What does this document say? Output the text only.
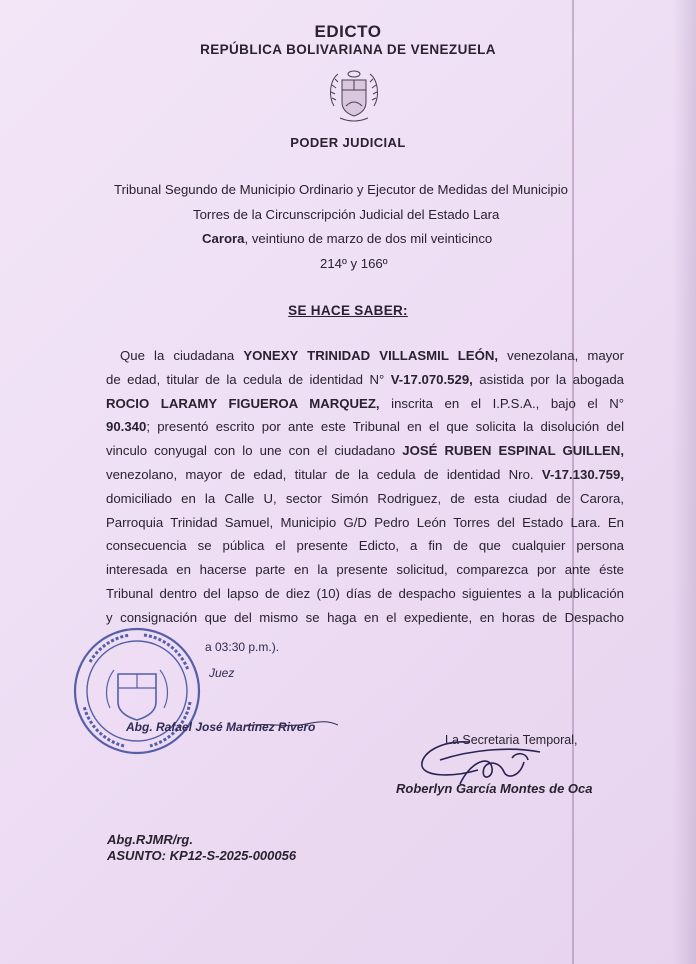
EDICTO
REPÚBLICA BOLIVARIANA DE VENEZUELA
PODER JUDICIAL
Tribunal Segundo de Municipio Ordinario y Ejecutor de Medidas del Municipio
Torres de la Circunscripción Judicial del Estado Lara
Carora, veintiuno de marzo de dos mil veinticinco
214º y 166º
SE HACE SABER:
Que la ciudadana YONEXY TRINIDAD VILLASMIL LEÓN, venezolana, mayor
de edad, titular de la cedula de identidad N° V-17.070.529, asistida por la abogada
ROCIO LARAMY FIGUEROA MARQUEZ, inscrita en el I.P.S.A., bajo el N°
90.340; presentó escrito por ante este Tribunal en el que solicita la disolución del
vinculo conyugal con lo une con el ciudadano JOSÉ RUBEN ESPINAL GUILLEN,
venezolano, mayor de edad, titular de la cedula de identidad Nro. V-17.130.759,
domiciliado en la Calle U, sector Simón Rodriguez, de esta ciudad de Carora,
Parroquia Trinidad Samuel, Municipio G/D Pedro León Torres del Estado Lara. En
consecuencia se pública el presente Edicto, a fin de que cualquier persona
interesada en hacerse parte en la presente solicitud, comparezca por ante éste
Tribunal dentro del lapso de diez (10) días de despacho siguientes a la publicación
y consignación que del mismo se haga en el expediente, en horas de Despacho
a 03:30 p.m.).
Juez
Abg. Rafael José Martinez Rivero
La Secretaria Temporal,
Roberlyn García Montes de Oca
Abg.RJMR/rg.
ASUNTO: KP12-S-2025-000056
